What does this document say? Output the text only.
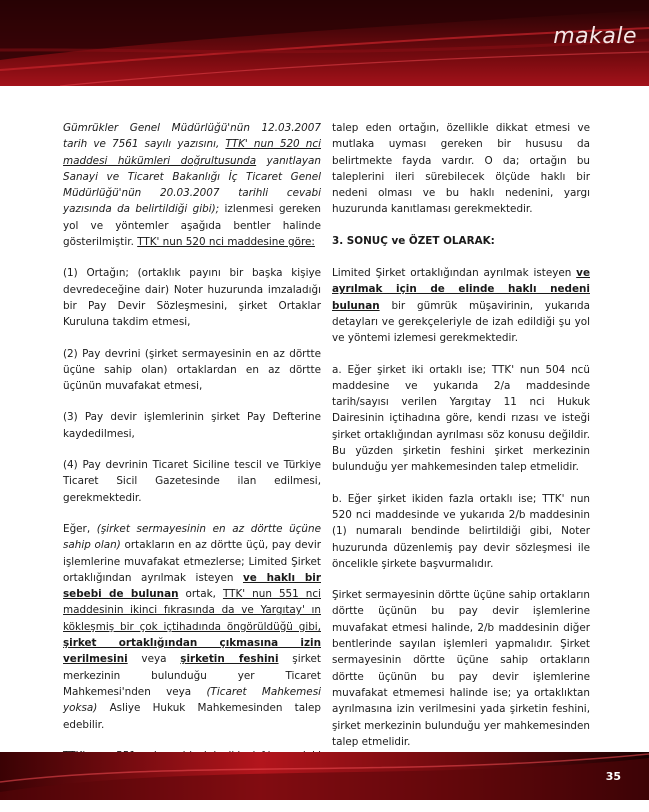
makale

Gümrükler Genel Müdürlüğü'nün 12.03.2007 tarih ve 7561 sayılı yazısını, TTK' nun 520 nci maddesi hükümleri doğrultusunda yanıtlayan Sanayi ve Ticaret Bakanlığı İç Ticaret Genel Müdürlüğü'nün 20.03.2007 tarihli cevabi yazısında da belirtildiği gibi); izlenmesi gereken yol ve yöntemler aşağıda bentler halinde gösterilmiştir. TTK' nun 520 nci maddesine göre:

(1) Ortağın; (ortaklık payını bir başka kişiye devredeceğine dair) Noter huzurunda imzaladığı bir Pay Devir Sözleşmesini, şirket Ortaklar Kuruluna takdim etmesi,

(2) Pay devrini (şirket sermayesinin en az dörtte üçüne sahip olan) ortaklardan en az dörtte üçünün muvafakat etmesi,

(3) Pay devir işlemlerinin şirket Pay Defterine kaydedilmesi,

(4) Pay devrinin Ticaret Siciline tescil ve Türkiye Ticaret Sicil Gazetesinde ilan edilmesi, gerekmektedir.

Eğer, (şirket sermayesinin en az dörtte üçüne sahip olan) ortakların en az dörtte üçü, pay devir işlemlerine muvafakat etmezlerse; Limited Şirket ortaklığından ayrılmak isteyen ve haklı bir sebebi de bulunan ortak, TTK' nun 551 nci maddesinin ikinci fıkrasında da ve Yargıtay' ın kökleşmiş bir çok içtihadında öngörüldüğü gibi, şirket ortaklığından çıkmasına izin verilmesini veya şirketin feshini şirket merkezinin bulunduğu yer Ticaret Mahkemesi'nden veya (Ticaret Mahkemesi yoksa) Asliye Hukuk Mahkemesinden talep edebilir.

talep eden ortağın, özellikle dikkat etmesi ve mutlaka uyması gereken bir hususu da belirtmekte fayda vardır. O da; ortağın bu taleplerini ileri sürebilecek ölçüde haklı bir nedeni olması ve bu haklı nedenini, yargı huzurunda kanıtlaması gerekmektedir.

3. SONUÇ ve ÖZET OLARAK:

Limited Şirket ortaklığından ayrılmak isteyen ve ayrılmak için de elinde haklı nedeni bulunan bir gümrük müşavirinin, yukarıda detayları ve gerekçeleriyle de izah edildiği şu yol ve yöntemi izlemesi gerekmektedir.

a. Eğer şirket iki ortaklı ise; TTK' nun 504 ncü maddesine ve yukarıda 2/a maddesinde tarih/sayısı verilen Yargıtay 11 nci Hukuk Dairesinin içtihadına göre, kendi rızası ve isteği şirket ortaklığından ayrılması söz konusu değildir. Bu yüzden şirketin feshini şirket merkezinin bulunduğu yer mahkemesinden talep etmelidir.

b. Eğer şirket ikiden fazla ortaklı ise; TTK' nun 520 nci maddesinde ve yukarıda 2/b maddesinin (1) numaralı bendinde belirtildiği gibi, Noter huzurunda düzenlemiş pay devir sözleşmesi ile öncelikle şirkete başvurmalıdır.

Şirket sermayesinin dörtte üçüne sahip ortakların dörtte üçünün bu pay devir işlemlerine muvafakat etmesi halinde, 2/b maddesinin diğer bentlerinde sayılan işlemleri yapmalıdır. Şirket sermayesinin dörtte üçüne sahip ortakların dörtte üçünün bu pay devir işlemlerine muvafakat etmemesi halinde ise; ya ortaklıktan ayrılmasına izin verilmesini yada şirketin feshini, şirket merkezinin bulunduğu yer mahkemesinden talep etmelidir.

35
